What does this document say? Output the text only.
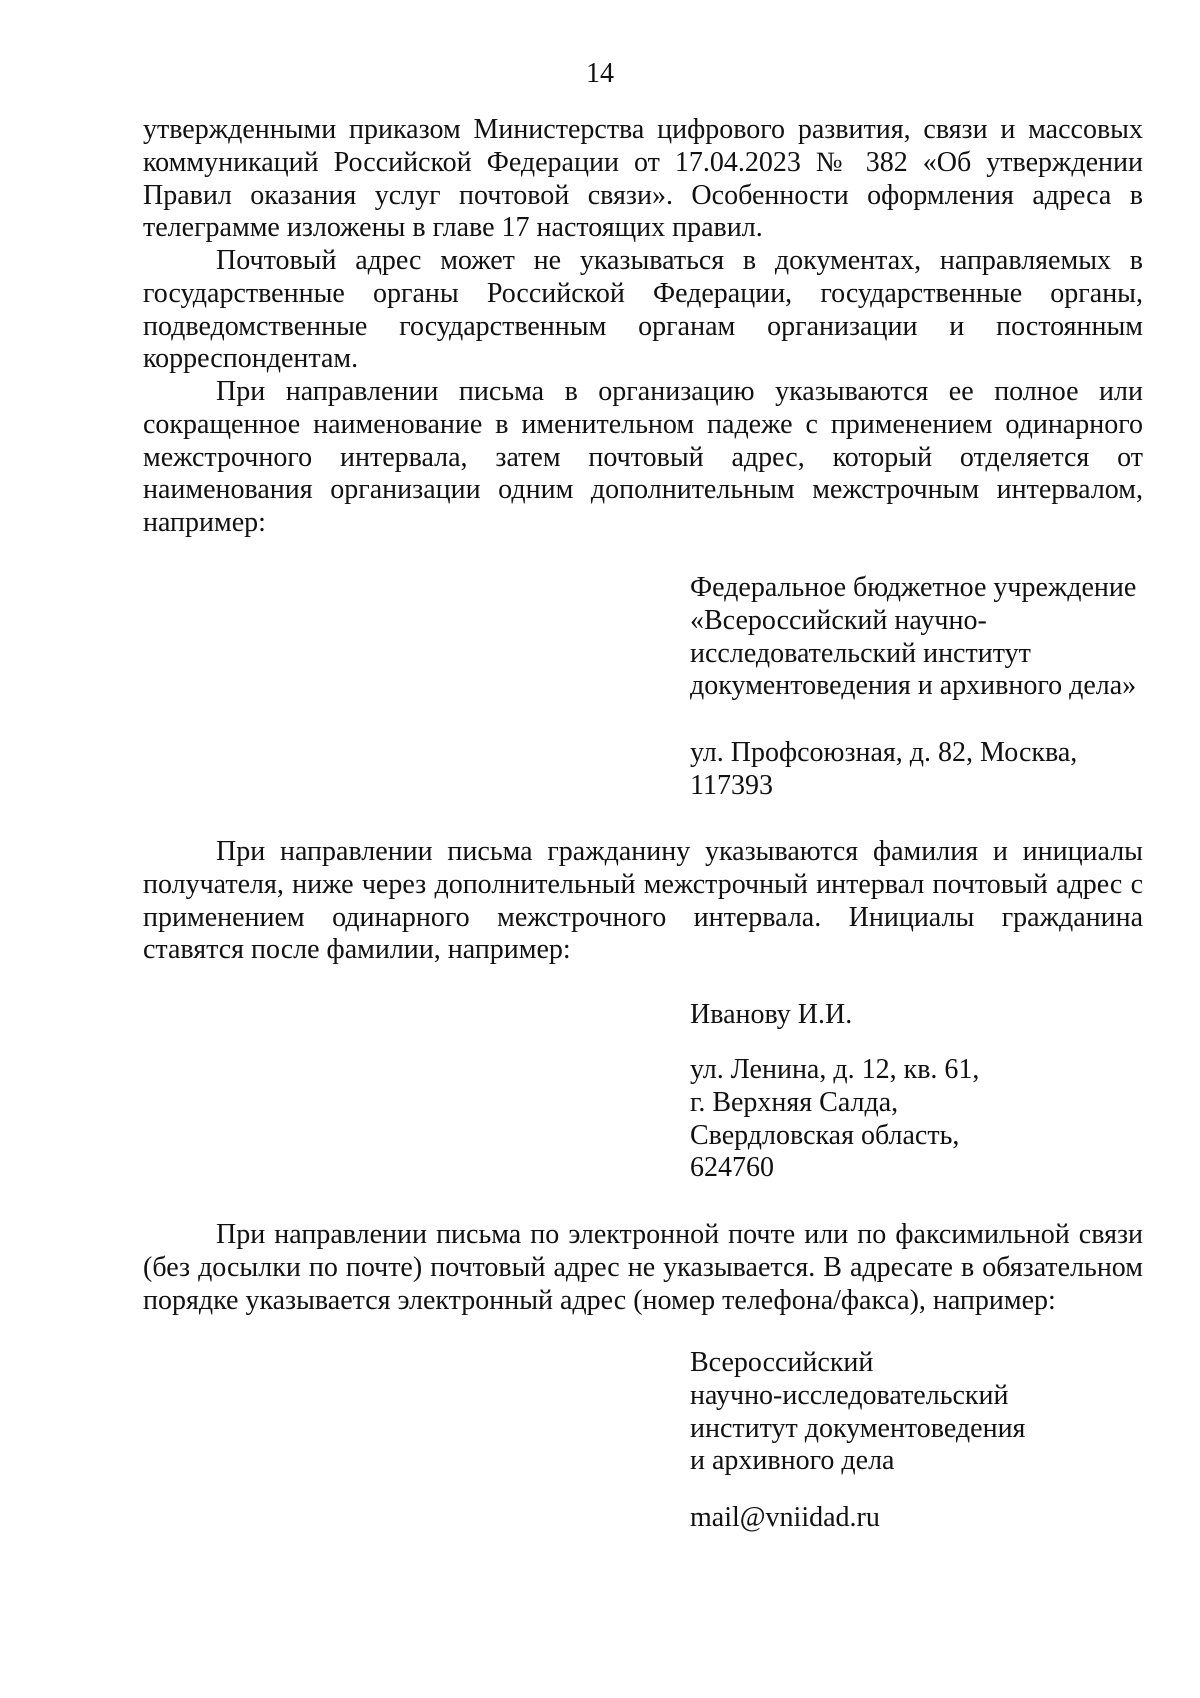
14

утвержденными приказом Министерства цифрового развития, связи и массовых коммуникаций Российской Федерации от 17.04.2023 № 382 «Об утверждении Правил оказания услуг почтовой связи». Особенности оформления адреса в телеграмме изложены в главе 17 настоящих правил.

Почтовый адрес может не указываться в документах, направляемых в государственные органы Российской Федерации, государственные органы, подведомственные государственным органам организации и постоянным корреспондентам.

При направлении письма в организацию указываются ее полное или сокращенное наименование в именительном падеже с применением одинарного межстрочного интервала, затем почтовый адрес, который отделяется от наименования организации одним дополнительным межстрочным интервалом, например:

Федеральное бюджетное учреждение
«Всероссийский научно-
исследовательский институт
документоведения и архивного дела»
ул. Профсоюзная, д. 82, Москва,
117393

При направлении письма гражданину указываются фамилия и инициалы получателя, ниже через дополнительный межстрочный интервал почтовый адрес с применением одинарного межстрочного интервала. Инициалы гражданина ставятся после фамилии, например:

Иванову И.И.
ул. Ленина, д. 12, кв. 61,
г. Верхняя Салда,
Свердловская область,
624760

При направлении письма по электронной почте или по факсимильной связи (без досылки по почте) почтовый адрес не указывается. В адресате в обязательном порядке указывается электронный адрес (номер телефона/факса), например:

Всероссийский
научно-исследовательский
институт документоведения
и архивного дела
mail@vniidad.ru
